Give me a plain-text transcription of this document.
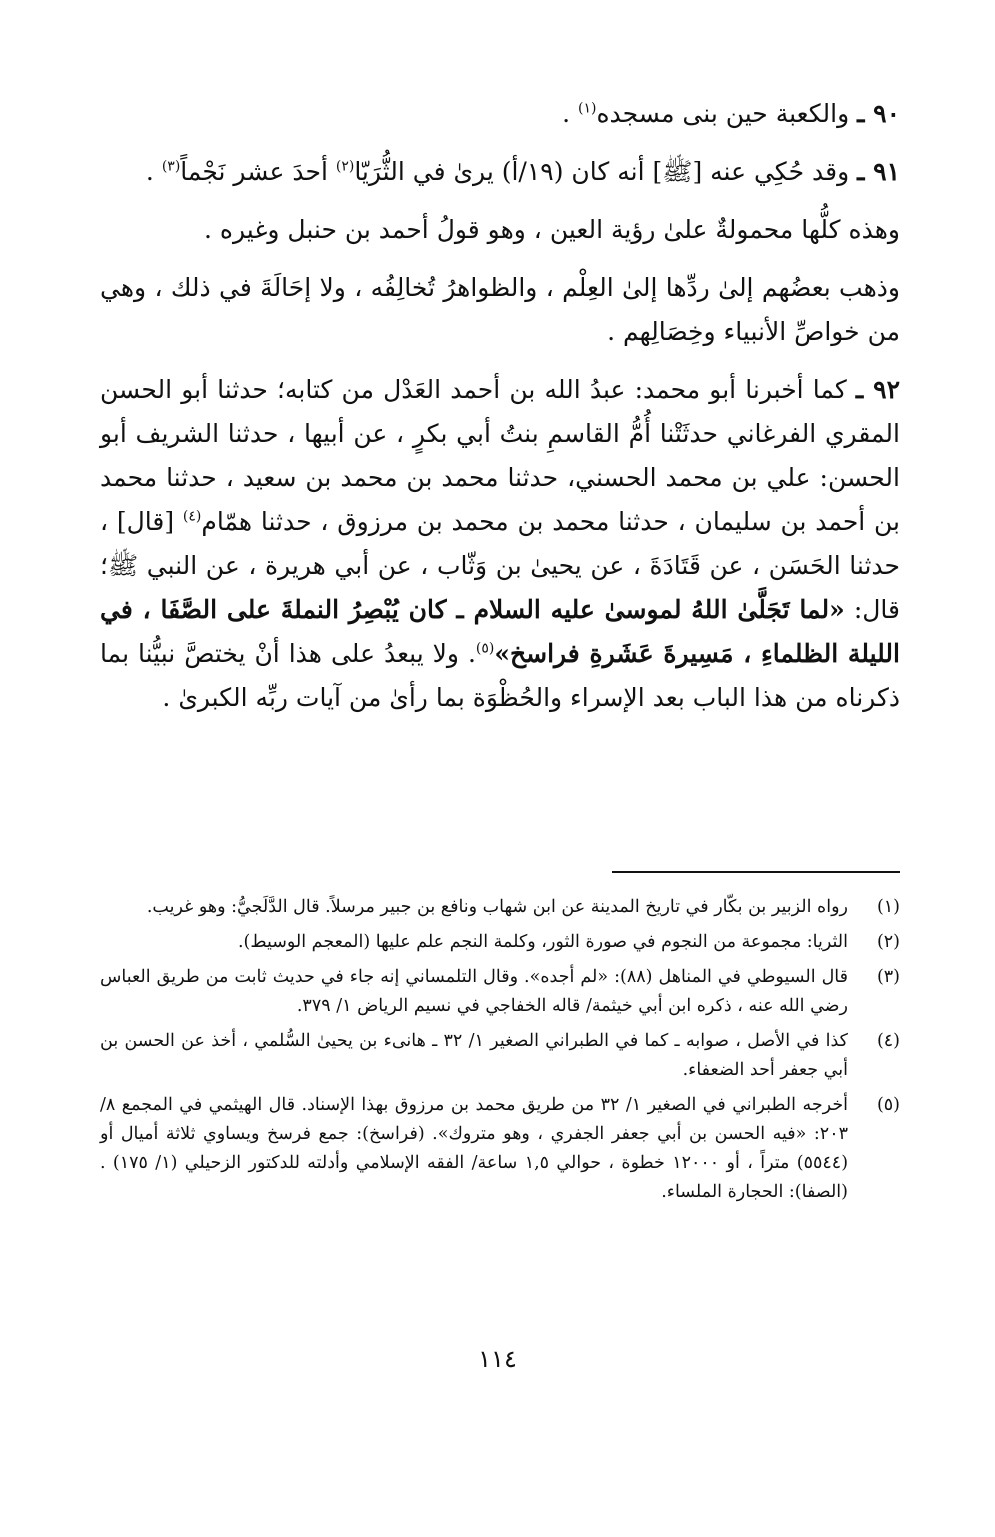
٩٠ ـ والكعبة حين بنى مسجده$^{(١)}$ .

٩١ ـ وقد حُكِي عنه [ﷺ] أنه كان (١٩/أ) يرىٰ في الثُّرَيّا$^{(٢)}$ أحدَ عشر نَجْماً$^{(٣)}$ .

وهذه كلُّها محمولةٌ علىٰ رؤية العين ، وهو قولُ أحمد بن حنبل وغيره .

وذهب بعضُهم إلىٰ ردِّها إلىٰ العِلْم ، والظواهرُ تُخالِفُه ، ولا إحَالَةَ في ذلك ، وهي من خواصِّ الأنبياء وخِصَالِهم .

٩٢ ـ كما أخبرنا أبو محمد: عبدُ الله بن أحمد العَدْل من كتابه؛ حدثنا أبو الحسن المقري الفرغاني حدثَتْنا أُمُّ القاسمِ بنتُ أبي بكرٍ ، عن أبيها ، حدثنا الشريف أبو الحسن: علي بن محمد الحسني، حدثنا محمد بن محمد بن سعيد ، حدثنا محمد بن أحمد بن سليمان ، حدثنا محمد بن محمد بن مرزوق ، حدثنا همّام$^{(٤)}$ [قال] ، حدثنا الحَسَن ، عن قَتَادَةَ ، عن يحيىٰ بن وَثّاب ، عن أبي هريرة ، عن النبي ﷺ؛ قال: «لما تَجَلَّىٰ اللهُ لموسىٰ عليه السلام ـ كان يُبْصِرُ النملةَ على الصَّفَا ، في الليلة الظلماءِ ، مَسِيرةَ عَشَرةِ فراسخ»$^{(٥)}$. ولا يبعدُ على هذا أنْ يختصَّ نبيُّنا بما ذكرناه من هذا الباب بعد الإسراء والحُظْوَة بما رأىٰ من آيات ربِّه الكبرىٰ .

(١)
رواه الزبير بن بكّار في تاريخ المدينة عن ابن شهاب ونافع بن جبير مرسلاً. قال الدَّلَجيُّ: وهو غريب.
(٢)
الثريا: مجموعة من النجوم في صورة الثور، وكلمة النجم علم عليها (المعجم الوسيط).
(٣)
قال السيوطي في المناهل (٨٨): «لم أجده». وقال التلمساني إنه جاء في حديث ثابت من طريق العباس رضي الله عنه ، ذكره ابن أبي خيثمة/ قاله الخفاجي في نسيم الرياض ١/ ٣٧٩.
(٤)
كذا في الأصل ، صوابه ـ كما في الطبراني الصغير ١/ ٣٢ ـ هانىء بن يحيىٰ السُّلمي ، أخذ عن الحسن بن أبي جعفر أحد الضعفاء.
(٥)
أخرجه الطبراني في الصغير ١/ ٣٢ من طريق محمد بن مرزوق بهذا الإسناد. قال الهيثمي في المجمع ٨/ ٢٠٣: «فيه الحسن بن أبي جعفر الجفري ، وهو متروك». (فراسخ): جمع فرسخ ويساوي ثلاثة أميال أو (٥٥٤٤) متراً ، أو ١٢٠٠٠ خطوة ، حوالي ١,٥ ساعة/ الفقه الإسلامي وأدلته للدكتور الزحيلي (١/ ١٧٥) . (الصفا): الحجارة الملساء.
١١٤
